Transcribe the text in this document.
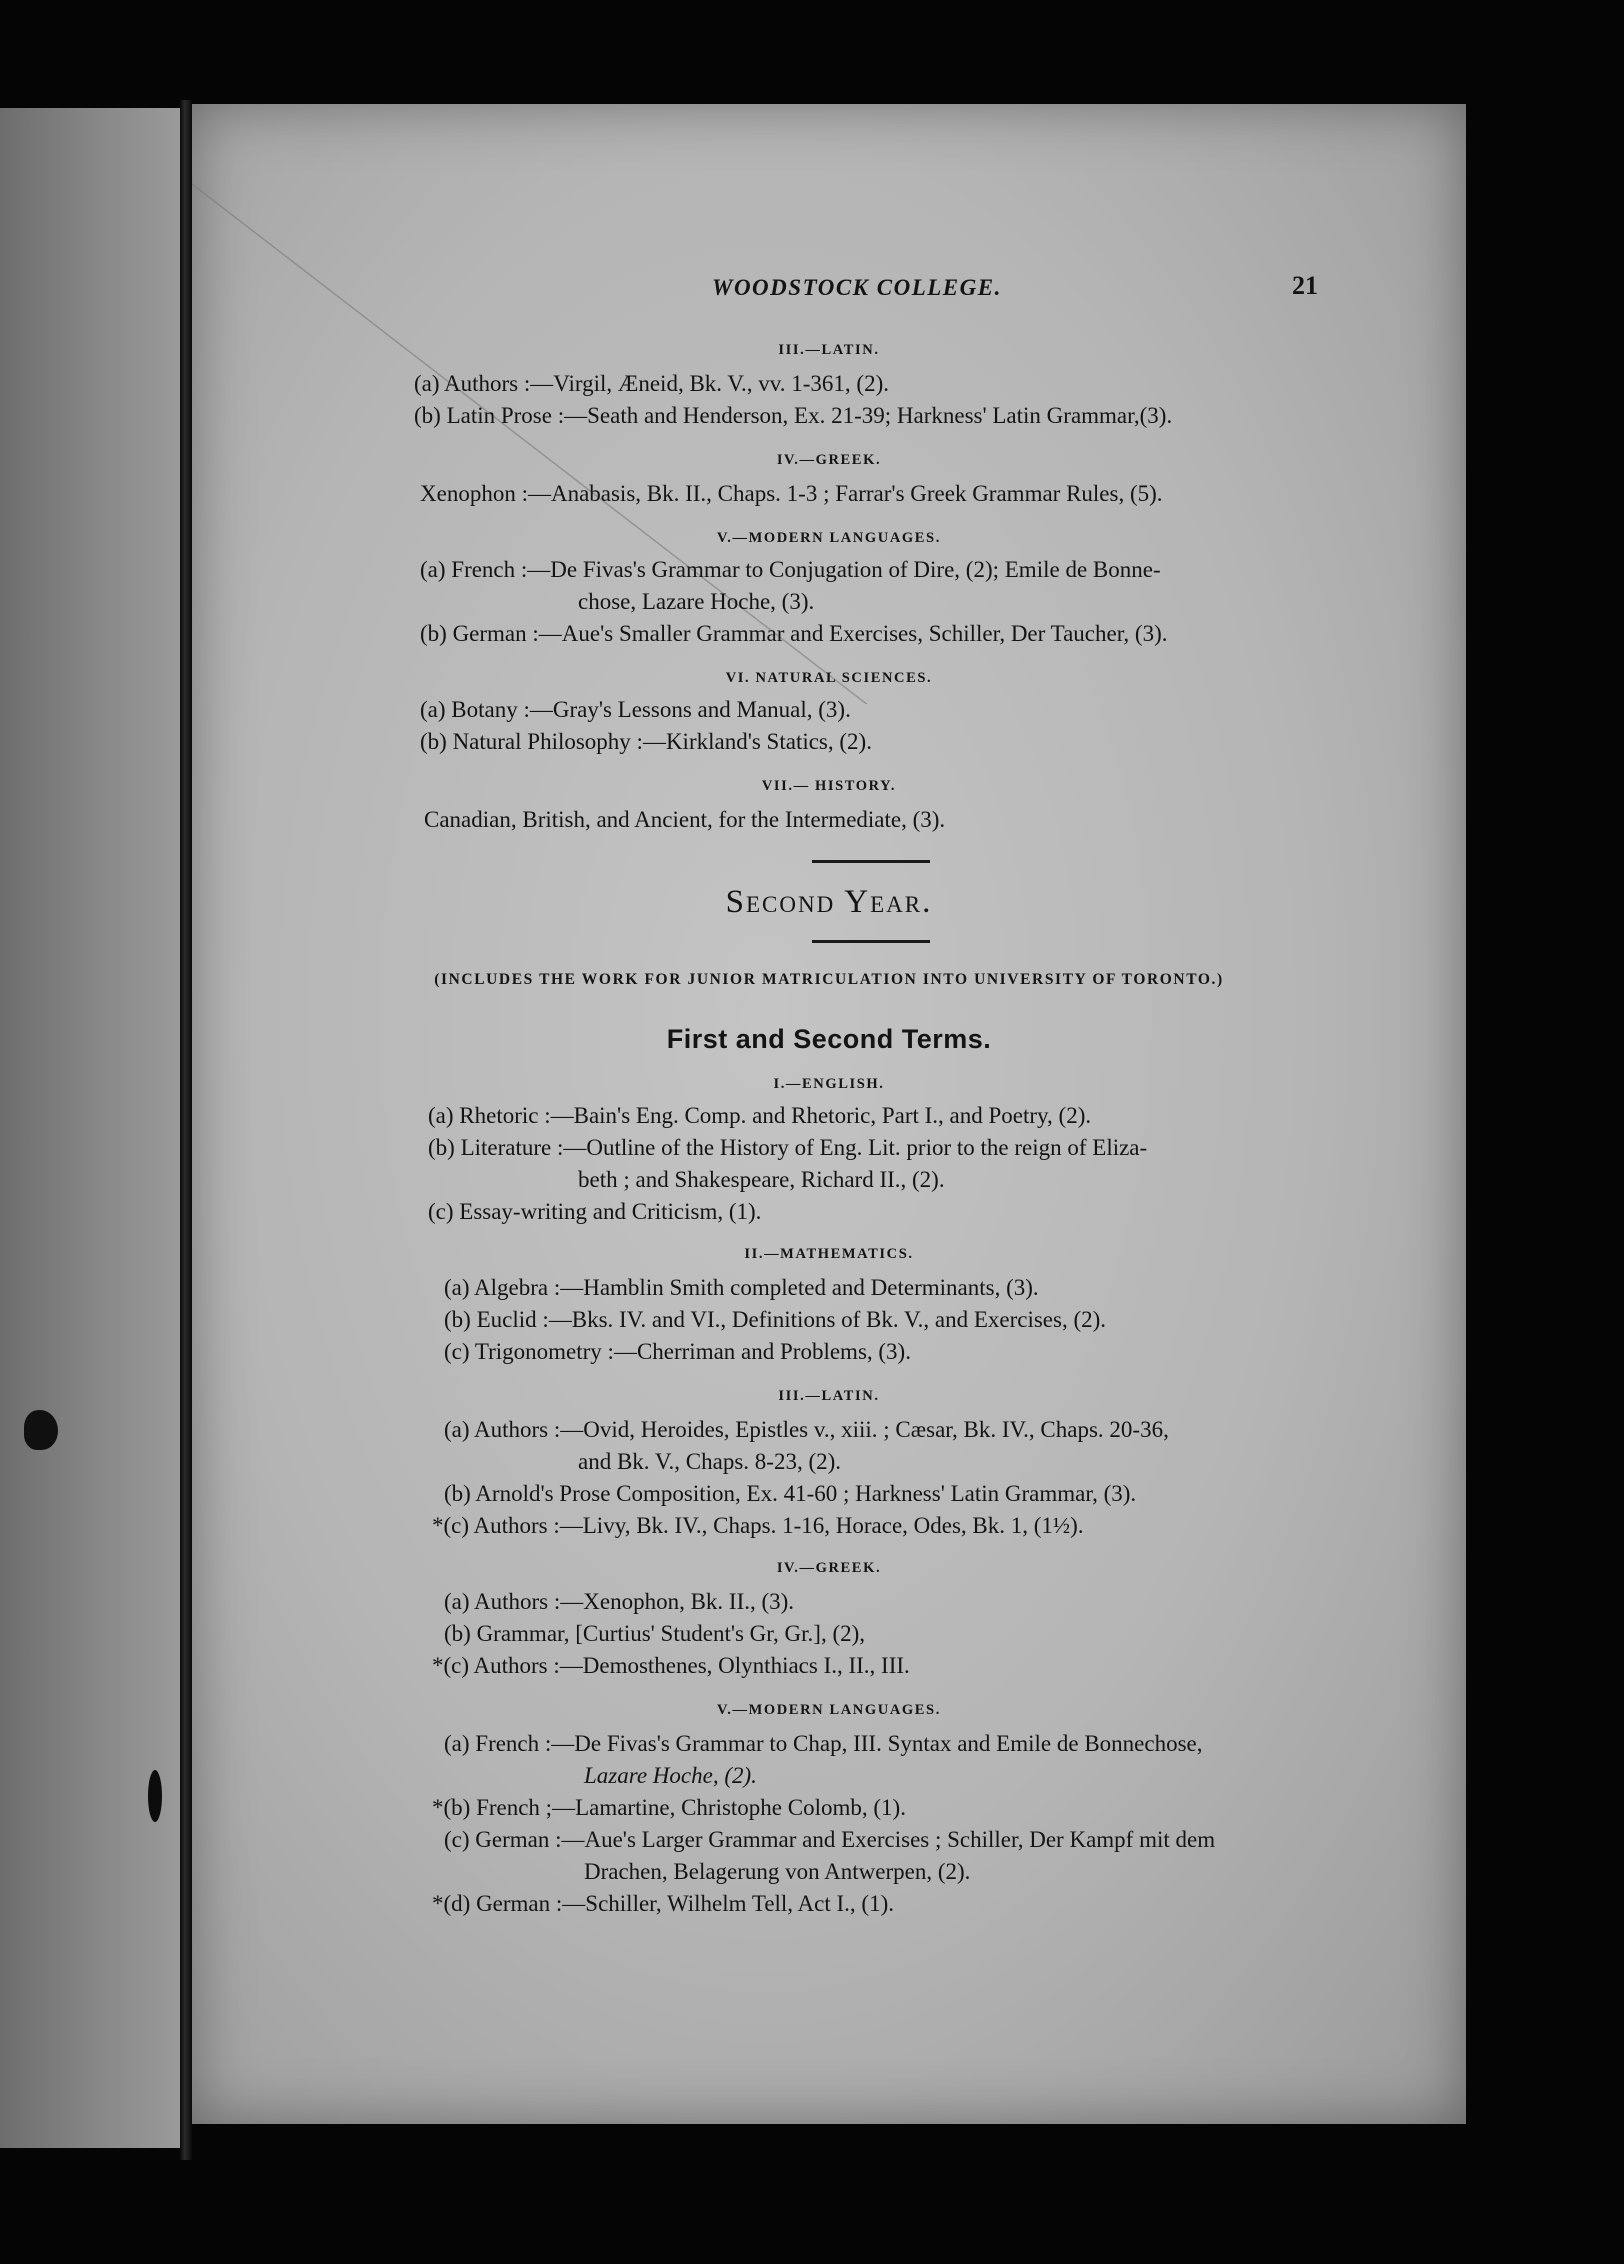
WOODSTOCK COLLEGE.	21
III.—LATIN.
(a) Authors :—Virgil, Æneid, Bk. V., vv. 1-361, (2).
(b) Latin Prose :—Seath and Henderson, Ex. 21-39; Harkness' Latin Grammar,(3).
IV.—GREEK.
Xenophon :—Anabasis, Bk. II., Chaps. 1-3 ; Farrar's Greek Grammar Rules, (5).
V.—MODERN LANGUAGES.
(a) French :—De Fivas's Grammar to Conjugation of Dire, (2); Emile de Bonne-
chose, Lazare Hoche, (3).
(b) German :—Aue's Smaller Grammar and Exercises, Schiller, Der Taucher, (3).
VI. NATURAL SCIENCES.
(a) Botany :—Gray's Lessons and Manual, (3).
(b) Natural Philosophy :—Kirkland's Statics, (2).
VII.— HISTORY.
Canadian, British, and Ancient, for the Intermediate, (3).
Second Year.
(INCLUDES THE WORK FOR JUNIOR MATRICULATION INTO UNIVERSITY OF TORONTO.)
First and Second Terms.
I.—ENGLISH.
(a) Rhetoric :—Bain's Eng. Comp. and Rhetoric, Part I., and Poetry, (2).
(b) Literature :—Outline of the History of Eng. Lit. prior to the reign of Eliza-
beth ; and Shakespeare, Richard II., (2).
(c) Essay-writing and Criticism, (1).
II.—MATHEMATICS.
(a) Algebra :—Hamblin Smith completed and Determinants, (3).
(b) Euclid :—Bks. IV. and VI., Definitions of Bk. V., and Exercises, (2).
(c) Trigonometry :—Cherriman and Problems, (3).
III.—LATIN.
(a) Authors :—Ovid, Heroides, Epistles v., xiii. ; Cæsar, Bk. IV., Chaps. 20-36,
and Bk. V., Chaps. 8-23, (2).
(b) Arnold's Prose Composition, Ex. 41-60 ; Harkness' Latin Grammar, (3).
*(c) Authors :—Livy, Bk. IV., Chaps. 1-16, Horace, Odes, Bk. 1, (1½).
IV.—GREEK.
(a) Authors :—Xenophon, Bk. II., (3).
(b) Grammar, [Curtius' Student's Gr, Gr.], (2),
*(c) Authors :—Demosthenes, Olynthiacs I., II., III.
V.—MODERN LANGUAGES.
(a) French :—De Fivas's Grammar to Chap, III. Syntax and Emile de Bonnechose,
Lazare Hoche, (2).
*(b) French ;—Lamartine, Christophe Colomb, (1).
(c) German :—Aue's Larger Grammar and Exercises ; Schiller, Der Kampf mit dem
Drachen, Belagerung von Antwerpen, (2).
*(d) German :—Schiller, Wilhelm Tell, Act I., (1).
